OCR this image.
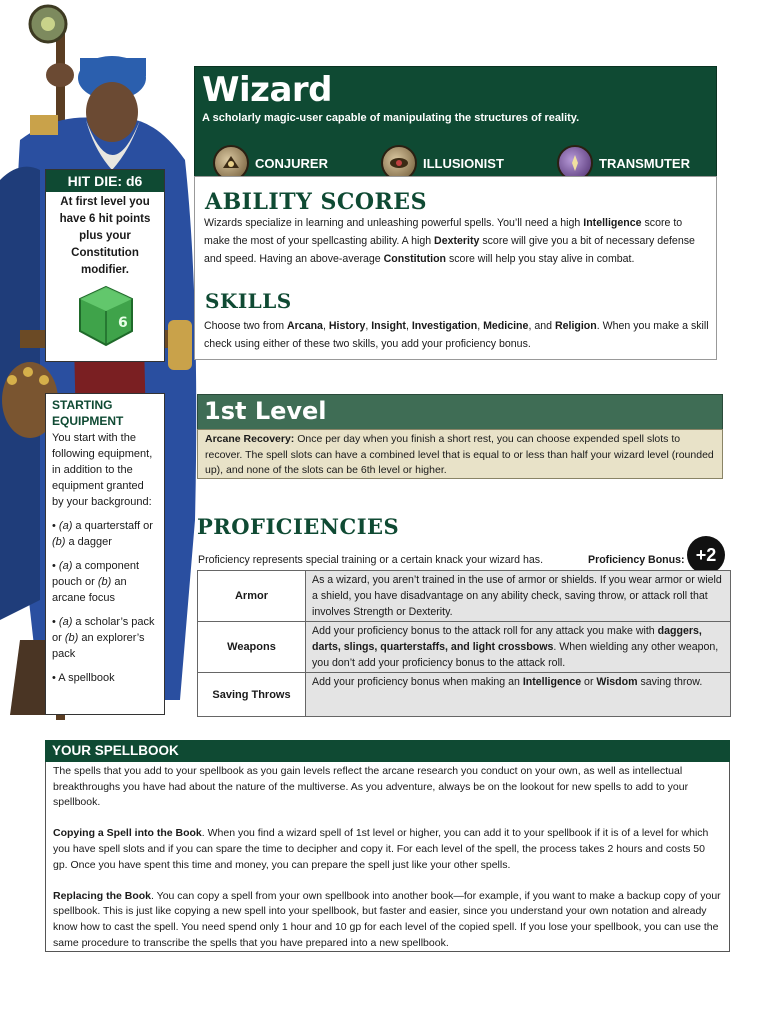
Wizard
A scholarly magic-user capable of manipulating the structures of reality.
CONJURER	ILLUSIONIST	TRANSMUTER
ABILITY SCORES
Wizards specialize in learning and unleashing powerful spells. You’ll need a high Intelligence score to make the most of your spellcasting ability. A high Dexterity score will give you a bit of necessary defense and speed. Having an above-average Constitution score will help you stay alive in combat.
SKILLS
Choose two from Arcana, History, Insight, Investigation, Medicine, and Religion. When you make a skill check using either of these two skills, you add your proficiency bonus.
HIT DIE: d6
At first level you have 6 hit points plus your Constitution modifier.
6
STARTING EQUIPMENT
You start with the following equipment, in addition to the equipment granted by your background:
• (a) a quarterstaff or (b) a dagger
• (a) a component pouch or (b) an arcane focus
• (a) a scholar’s pack or (b) an explorer’s pack
• A spellbook
1st Level
Arcane Recovery: Once per day when you finish a short rest, you can choose expended spell slots to recover. The spell slots can have a combined level that is equal to or less than half your wizard level (rounded up), and none of the slots can be 6th level or higher.
PROFICIENCIES
Proficiency represents special training or a certain knack your wizard has.	Proficiency Bonus: +2
Armor	As a wizard, you aren’t trained in the use of armor or shields. If you wear armor or wield a shield, you have disadvantage on any ability check, saving throw, or attack roll that involves Strength or Dexterity.
Weapons	Add your proficiency bonus to the attack roll for any attack you make with daggers, darts, slings, quarterstaffs, and light crossbows. When wielding any other weapon, you don’t add your proficiency bonus to the attack roll.
Saving Throws	Add your proficiency bonus when making an Intelligence or Wisdom saving throw.
YOUR SPELLBOOK

The spells that you add to your spellbook as you gain levels reflect the arcane research you conduct on your own, as well as intellectual breakthroughs you have had about the nature of the multiverse. As you adventure, always be on the lookout for new spells to add to your spellbook.

Copying a Spell into the Book. When you find a wizard spell of 1st level or higher, you can add it to your spellbook if it is of a level for which you have spell slots and if you can spare the time to decipher and copy it. For each level of the spell, the process takes 2 hours and costs 50 gp. Once you have spent this time and money, you can prepare the spell just like your other spells.

Replacing the Book. You can copy a spell from your own spellbook into another book—for example, if you want to make a backup copy of your spellbook. This is just like copying a new spell into your spellbook, but faster and easier, since you understand your own notation and already know how to cast the spell. You need spend only 1 hour and 10 gp for each level of the copied spell. If you lose your spellbook, you can use the same procedure to transcribe the spells that you have prepared into a new spellbook.
